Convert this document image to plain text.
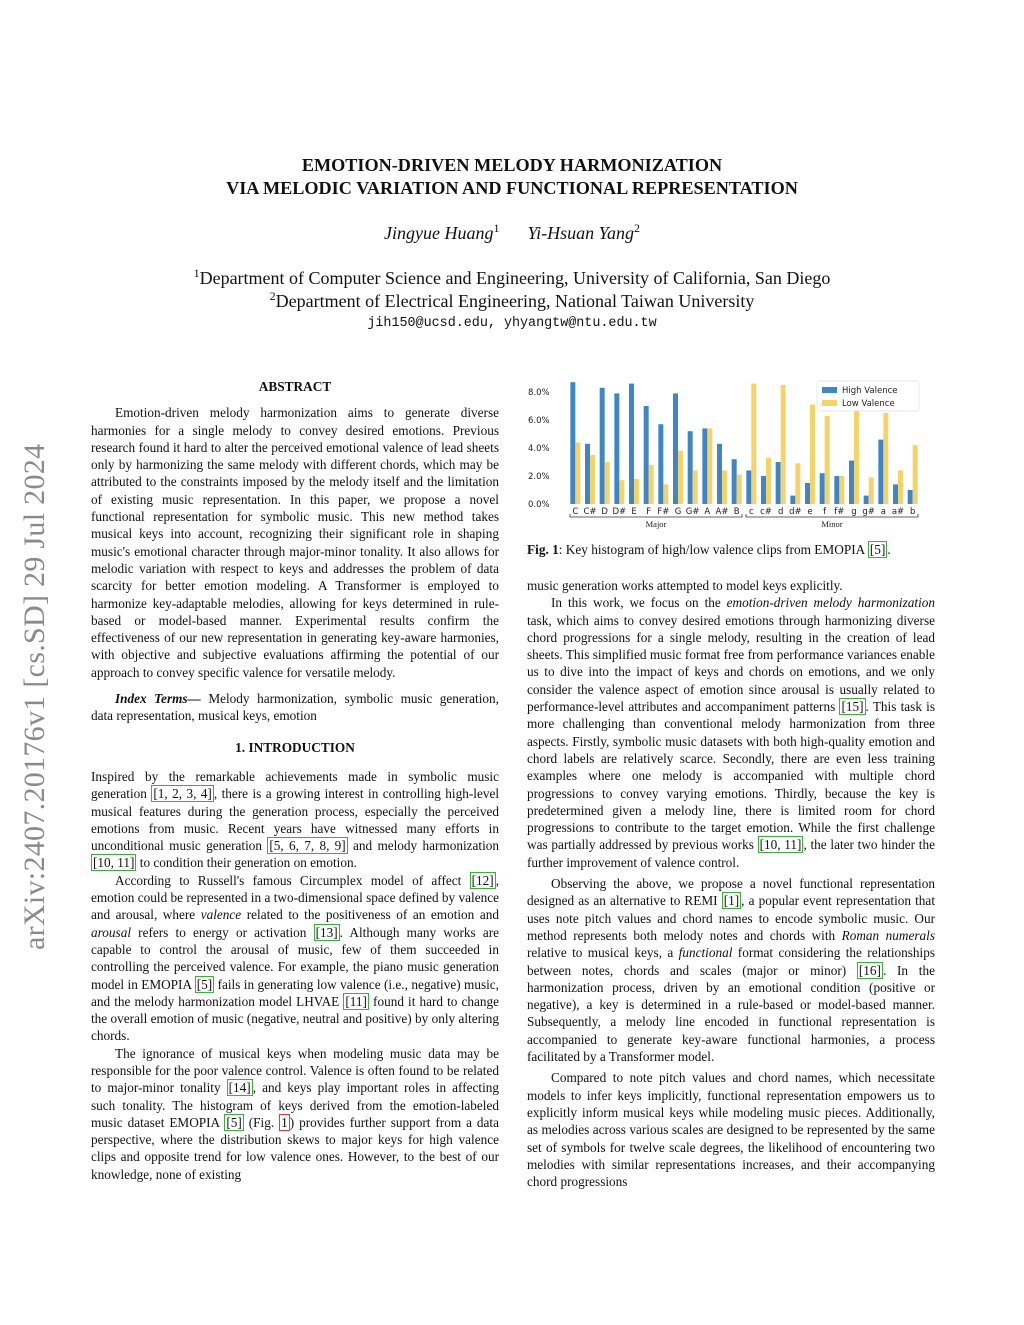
arXiv:2407.20176v1 [cs.SD] 29 Jul 2024
EMOTION-DRIVEN MELODY HARMONIZATION
VIA MELODIC VARIATION AND FUNCTIONAL REPRESENTATION
Jingyue Huang$^1$ Yi-Hsuan Yang$^2$
$^1$Department of Computer Science and Engineering, University of California, San Diego
$^2$Department of Electrical Engineering, National Taiwan University
jih150@ucsd.edu, yhyangtw@ntu.edu.tw
ABSTRACT

Emotion-driven melody harmonization aims to generate diverse harmonies for a single melody to convey desired emotions. Previous research found it hard to alter the perceived emotional valence of lead sheets only by harmonizing the same melody with different chords, which may be attributed to the constraints imposed by the melody itself and the limitation of existing music representation. In this paper, we propose a novel functional representation for symbolic music. This new method takes musical keys into account, recognizing their significant role in shaping music's emotional character through major-minor tonality. It also allows for melodic variation with respect to keys and addresses the problem of data scarcity for better emotion modeling. A Transformer is employed to harmonize key-adaptable melodies, allowing for keys determined in rule-based or model-based manner. Experimental results confirm the effectiveness of our new representation in generating key-aware harmonies, with objective and subjective evaluations affirming the potential of our approach to convey specific valence for versatile melody.

Index Terms— Melody harmonization, symbolic music generation, data representation, musical keys, emotion

1. INTRODUCTION

Inspired by the remarkable achievements made in symbolic music generation [1, 2, 3, 4] , there is a growing interest in controlling high-level musical features during the generation process, especially the perceived emotions from music. Recent years have witnessed many efforts in unconditional music generation [5, 6, 7, 8, 9] and melody harmonization [10, 11] to condition their generation on emotion.

According to Russell's famous Circumplex model of affect [12] , emotion could be represented in a two-dimensional space defined by valence and arousal, where valence related to the positiveness of an emotion and arousal refers to energy or activation [13] . Although many works are capable to control the arousal of music, few of them succeeded in controlling the perceived valence. For example, the piano music generation model in EMOPIA [5] fails in generating low valence (i.e., negative) music, and the melody harmonization model LHVAE [11] found it hard to change the overall emotion of music (negative, neutral and positive) by only altering chords.

The ignorance of musical keys when modeling music data may be responsible for the poor valence control. Valence is often found to be related to major-minor tonality [14] , and keys play important roles in affecting such tonality. The histogram of keys derived from the emotion-labeled music dataset EMOPIA [5] (Fig. 1 ) provides further support from a data perspective, where the distribution skews to major keys for high valence clips and opposite trend for low valence ones. However, to the best of our knowledge, none of existing

0.0%
2.0%
4.0%
6.0%
8.0%
C C# D D# E F F# G G# A A# B c c# d d# e f f# g g# a a# b
Major	Minor
High Valence
Low Valence
Fig. 1: Key histogram of high/low valence clips from EMOPIA [5] .

music generation works attempted to model keys explicitly.

In this work, we focus on the emotion-driven melody harmonization task, which aims to convey desired emotions through harmonizing diverse chord progressions for a single melody, resulting in the creation of lead sheets. This simplified music format free from performance variances enable us to dive into the impact of keys and chords on emotions, and we only consider the valence aspect of emotion since arousal is usually related to performance-level attributes and accompaniment patterns [15] . This task is more challenging than conventional melody harmonization from three aspects. Firstly, symbolic music datasets with both high-quality emotion and chord labels are relatively scarce. Secondly, there are even less training examples where one melody is accompanied with multiple chord progressions to convey varying emotions. Thirdly, because the key is predetermined given a melody line, there is limited room for chord progressions to contribute to the target emotion. While the first challenge was partially addressed by previous works [10, 11] , the later two hinder the further improvement of valence control.

Observing the above, we propose a novel functional representation designed as an alternative to REMI [1] , a popular event representation that uses note pitch values and chord names to encode symbolic music. Our method represents both melody notes and chords with Roman numerals relative to musical keys, a functional format considering the relationships between notes, chords and scales (major or minor) [16] . In the harmonization process, driven by an emotional condition (positive or negative), a key is determined in a rule-based or model-based manner. Subsequently, a melody line encoded in functional representation is accompanied to generate key-aware functional harmonies, a process facilitated by a Transformer model.

Compared to note pitch values and chord names, which necessitate models to infer keys implicitly, functional representation empowers us to explicitly inform musical keys while modeling music pieces. Additionally, as melodies across various scales are designed to be represented by the same set of symbols for twelve scale degrees, the likelihood of encountering two melodies with similar representations increases, and their accompanying chord progressions
